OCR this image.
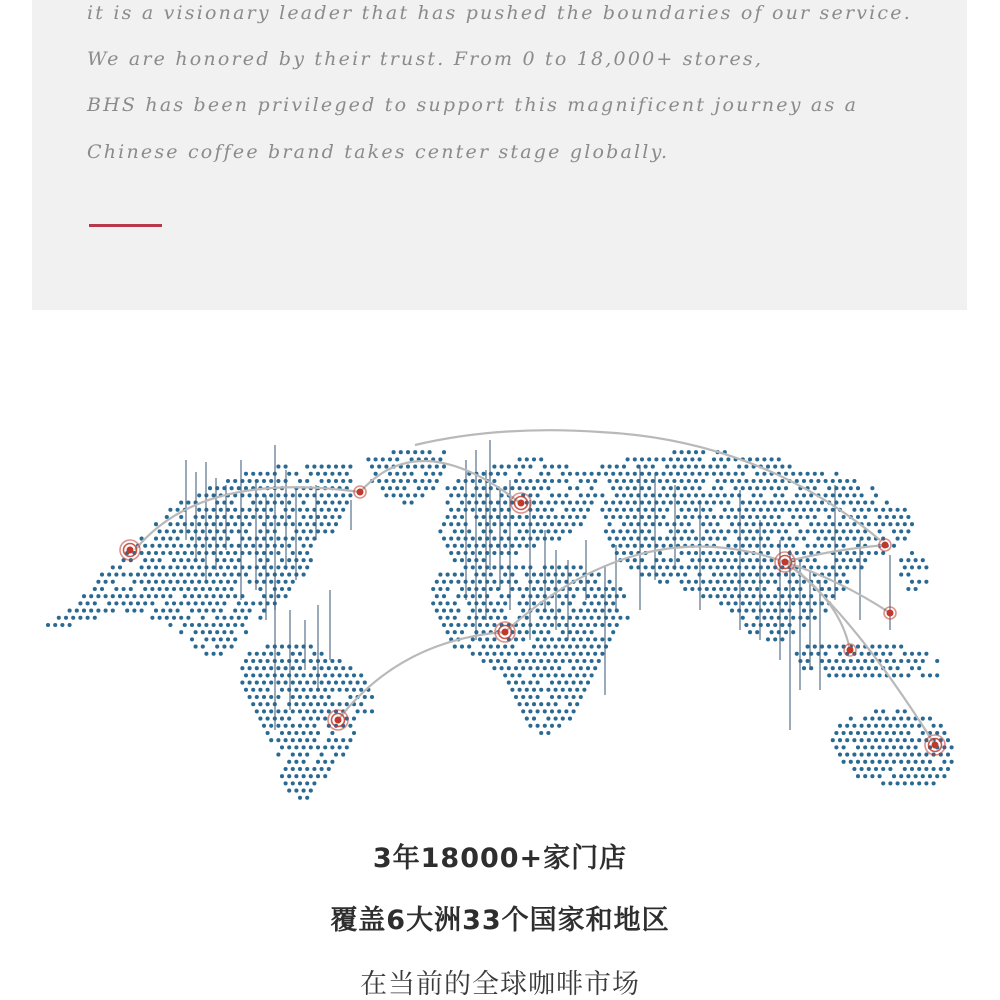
it is a visionary leader that has pushed the boundaries of our service.
We are honored by their trust. From 0 to 18,000+ stores,
BHS has been privileged to support this magnificent journey as a
Chinese coffee brand takes center stage globally.
3年18000+家门店
覆盖6大洲33个国家和地区
在当前的全球咖啡市场
